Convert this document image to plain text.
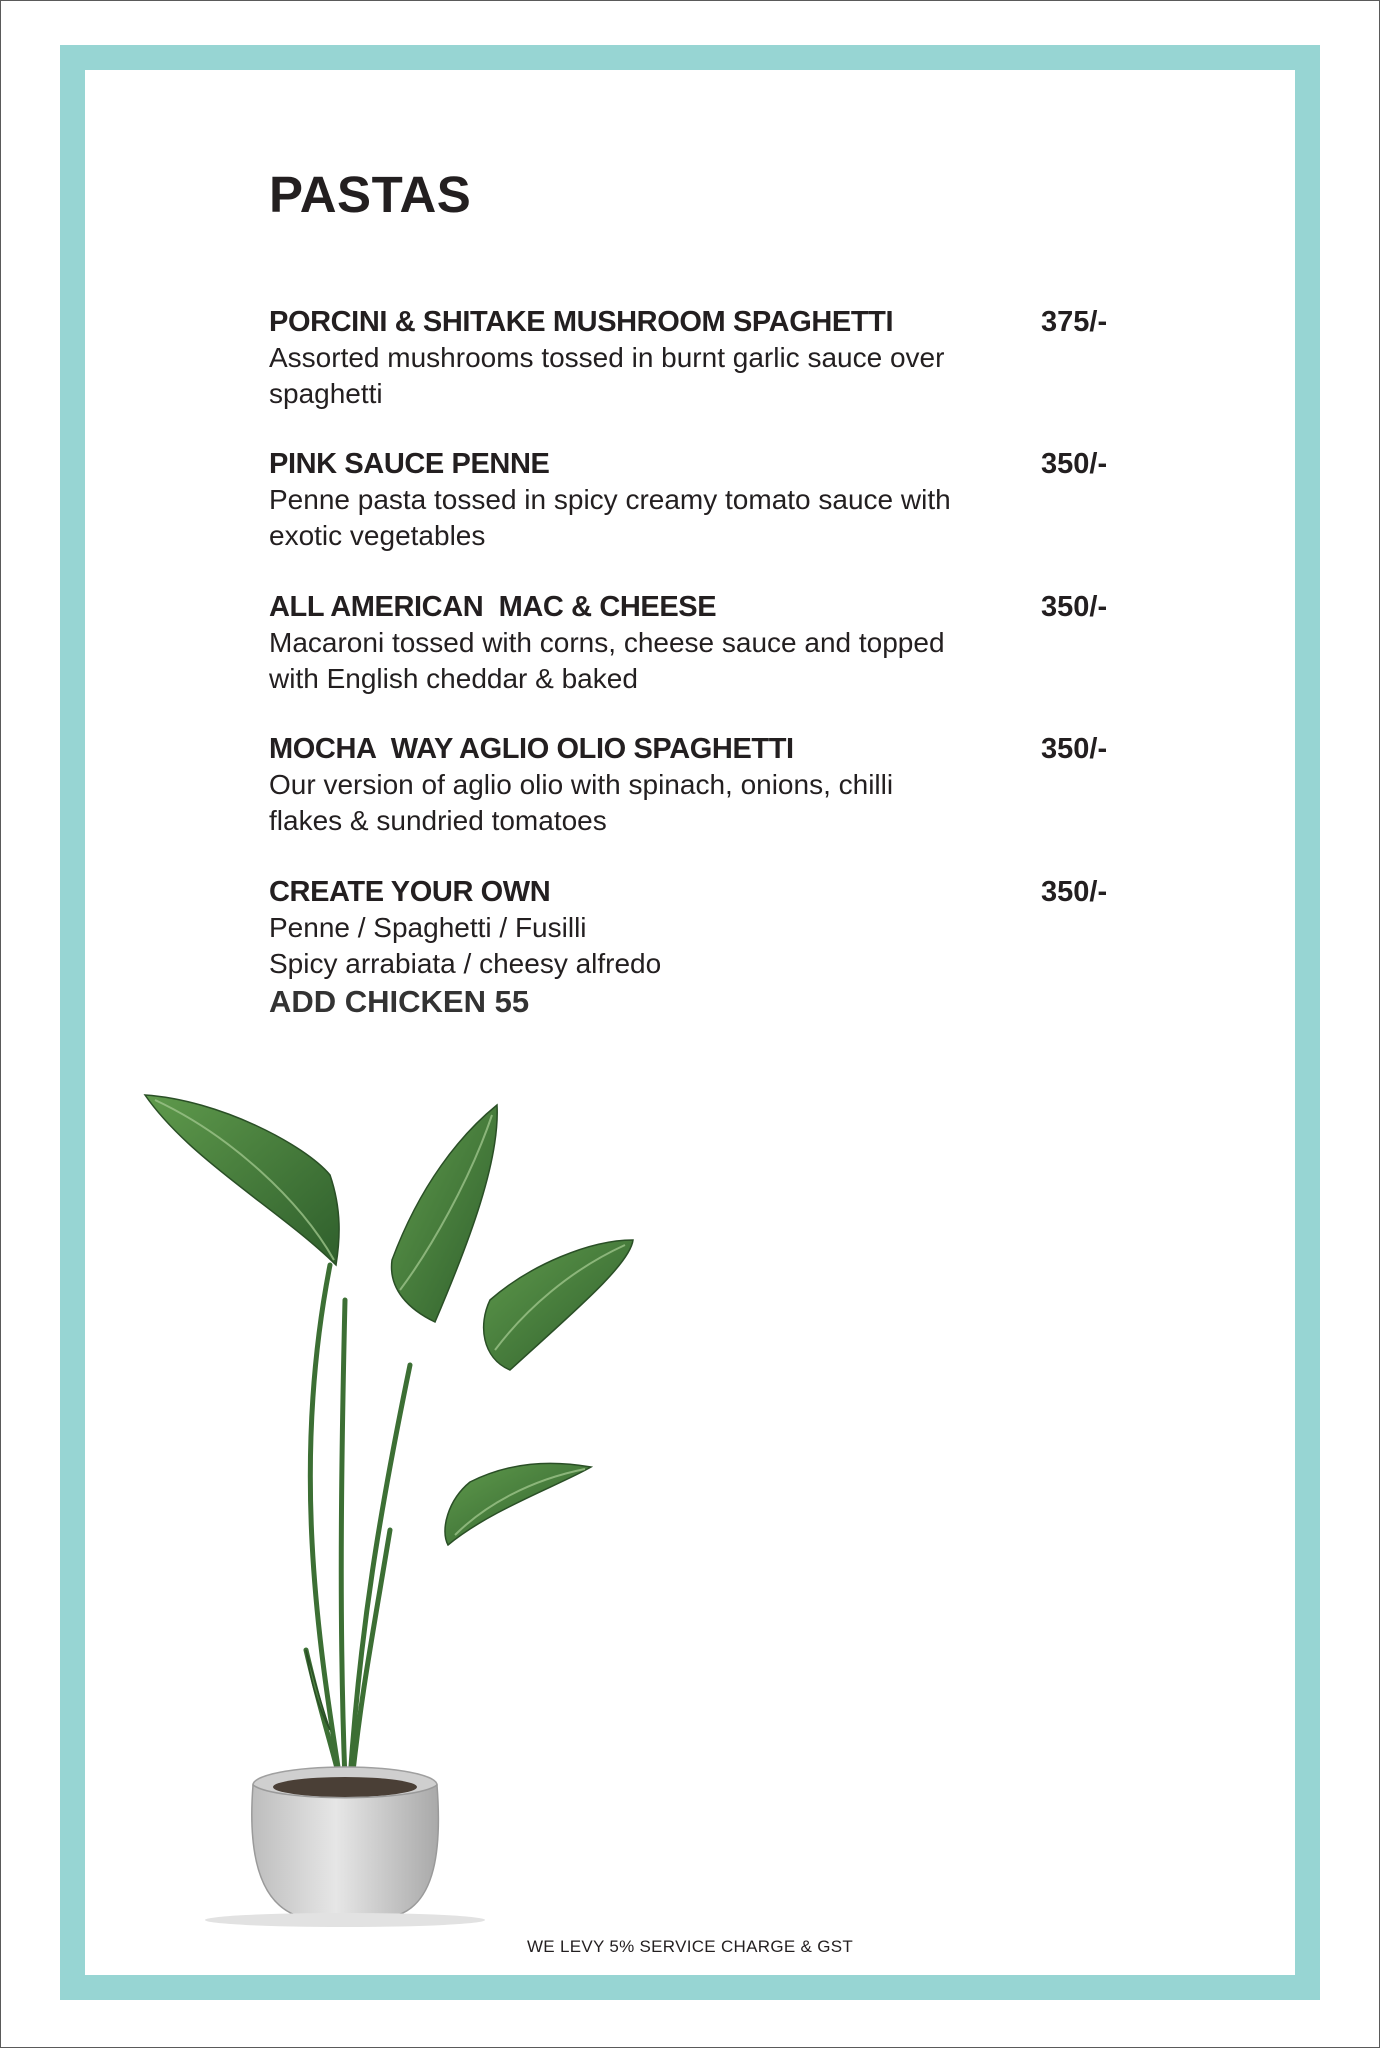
PASTAS
PORCINI & SHITAKE MUSHROOM SPAGHETTI	375/-
Assorted mushrooms tossed in burnt garlic sauce over
spaghetti
PINK SAUCE PENNE	350/-
Penne pasta tossed in spicy creamy tomato sauce with
exotic vegetables
ALL AMERICAN  MAC & CHEESE	350/-
Macaroni tossed with corns, cheese sauce and topped
with English cheddar & baked
MOCHA  WAY AGLIO OLIO SPAGHETTI	350/-
Our version of aglio olio with spinach, onions, chilli
flakes & sundried tomatoes
CREATE YOUR OWN	350/-
Penne / Spaghetti / Fusilli
Spicy arrabiata / cheesy alfredo
ADD CHICKEN 55
WE LEVY 5% SERVICE CHARGE & GST
